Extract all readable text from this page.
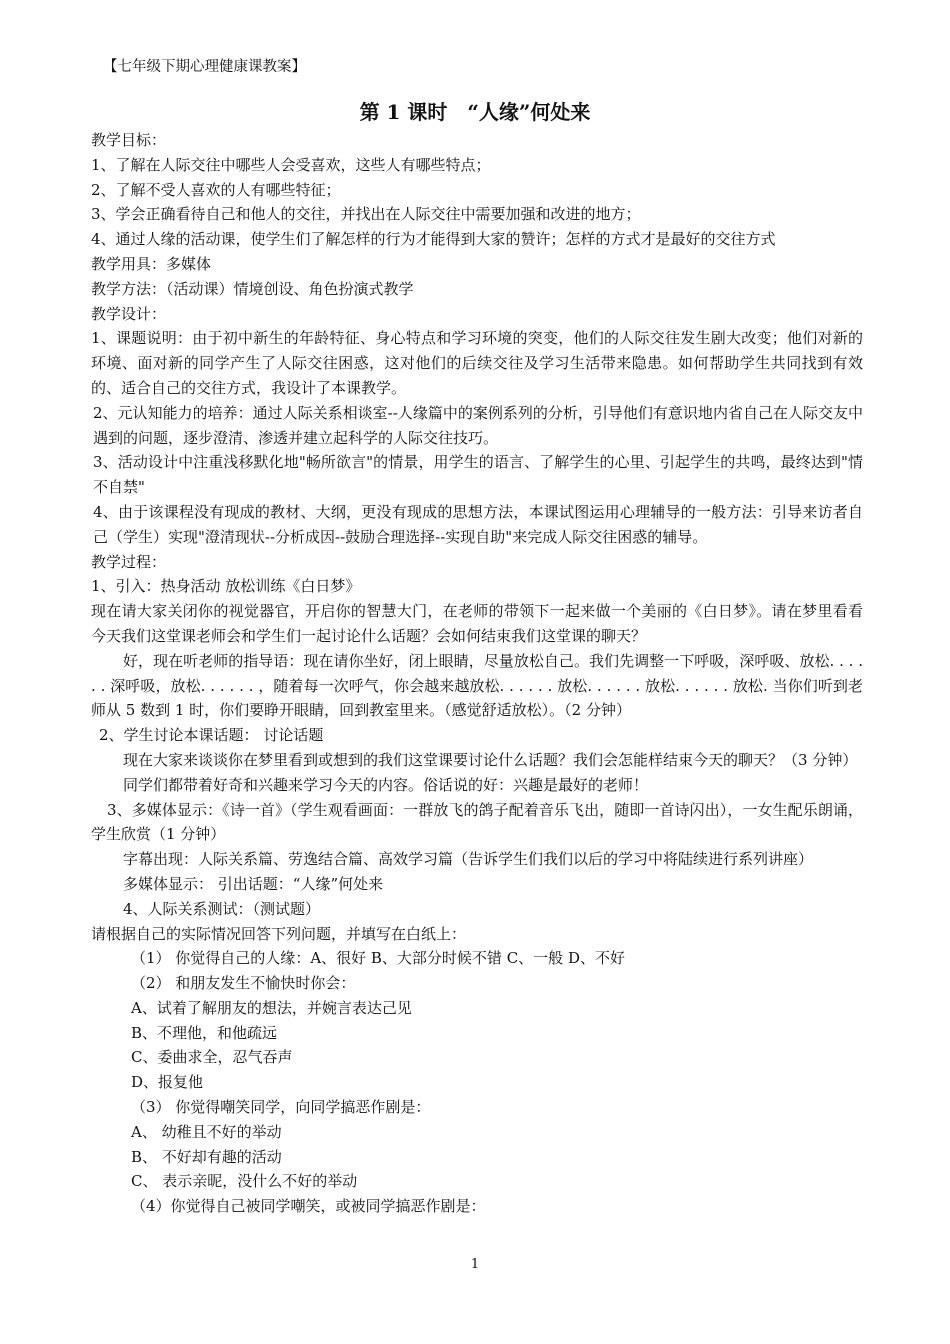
【七年级下期心理健康课教案】
第 1 课时　“人缘”何处来

教学目标：

1、了解在人际交往中哪些人会受喜欢，这些人有哪些特点；

2、了解不受人喜欢的人有哪些特征；

3、学会正确看待自己和他人的交往，并找出在人际交往中需要加强和改进的地方；

4、通过人缘的活动课，使学生们了解怎样的行为才能得到大家的赞许；怎样的方式才是最好的交往方式

教学用具：多媒体

教学方法：（活动课）情境创设、角色扮演式教学

教学设计：

1、课题说明：由于初中新生的年龄特征、身心特点和学习环境的突变，他们的人际交往发生剧大改变；他们对新的环境、面对新的同学产生了人际交往困惑，这对他们的后续交往及学习生活带来隐患。如何帮助学生共同找到有效的、适合自己的交往方式，我设计了本课教学。

2、元认知能力的培养：通过人际关系相谈室--人缘篇中的案例系列的分析，引导他们有意识地内省自己在人际交友中遇到的问题，逐步澄清、渗透并建立起科学的人际交往技巧。

3、活动设计中注重浅移默化地"畅所欲言"的情景，用学生的语言、了解学生的心里、引起学生的共鸣，最终达到"情不自禁"

4、由于该课程没有现成的教材、大纲，更没有现成的思想方法，本课试图运用心理辅导的一般方法：引导来访者自己（学生）实现"澄清现状--分析成因--鼓励合理选择--实现自助"来完成人际交往困惑的辅导。

教学过程：

1、引入：热身活动 放松训练《白日梦》

现在请大家关闭你的视觉器官，开启你的智慧大门，在老师的带领下一起来做一个美丽的《白日梦》。请在梦里看看今天我们这堂课老师会和学生们一起讨论什么话题？会如何结束我们这堂课的聊天？

好，现在听老师的指导语：现在请你坐好，闭上眼睛，尽量放松自己。我们先调整一下呼吸，深呼吸、放松. . . . . . 深呼吸，放松. . . . . . ，随着每一次呼气，你会越来越放松. . . . . . 放松. . . . . . 放松. . . . . . 放松. 当你们听到老师从 5 数到 1 时，你们要睁开眼睛，回到教室里来。（感觉舒适放松）。（2 分钟）

2、学生讨论本课话题： 讨论话题

现在大家来谈谈你在梦里看到或想到的我们这堂课要讨论什么话题？我们会怎能样结束今天的聊天？（3 分钟）

同学们都带着好奇和兴趣来学习今天的内容。俗话说的好：兴趣是最好的老师！

3、多媒体显示：《诗一首》（学生观看画面：一群放飞的鸽子配着音乐飞出，随即一首诗闪出），一女生配乐朗诵，学生欣赏（1 分钟）

字幕出现：人际关系篇、劳逸结合篇、高效学习篇（告诉学生们我们以后的学习中将陆续进行系列讲座）

多媒体显示： 引出话题：“人缘”何处来

4、人际关系测试：（测试题）

请根据自己的实际情况回答下列问题，并填写在白纸上：

（1） 你觉得自己的人缘：A、很好 B、大部分时候不错 C、一般 D、不好

（2） 和朋友发生不愉快时你会：

A、试着了解朋友的想法，并婉言表达己见

B、不理他，和他疏远

C、委曲求全，忍气吞声

D、报复他

（3） 你觉得嘲笑同学，向同学搞恶作剧是：

A、 幼稚且不好的举动

B、 不好却有趣的活动

C、 表示亲昵，没什么不好的举动

（4）你觉得自己被同学嘲笑，或被同学搞恶作剧是：

1
